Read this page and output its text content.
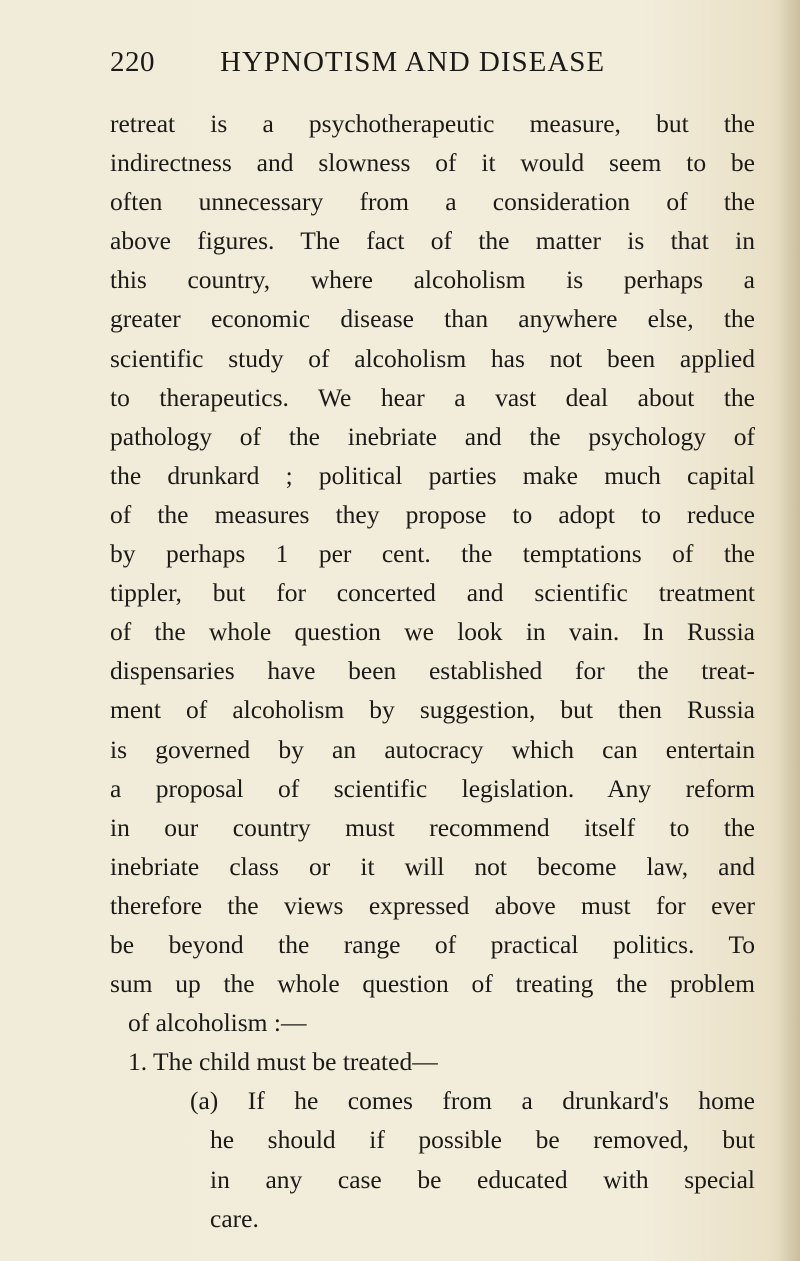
220 HYPNOTISM AND DISEASE
retreat is a psychotherapeutic measure, but the
indirectness and slowness of it would seem to be
often unnecessary from a consideration of the
above figures. The fact of the matter is that in
this country, where alcoholism is perhaps a
greater economic disease than anywhere else, the
scientific study of alcoholism has not been applied
to therapeutics. We hear a vast deal about the
pathology of the inebriate and the psychology of
the drunkard ; political parties make much capital
of the measures they propose to adopt to reduce
by perhaps 1 per cent. the temptations of the
tippler, but for concerted and scientific treatment
of the whole question we look in vain. In Russia
dispensaries have been established for the treat-
ment of alcoholism by suggestion, but then Russia
is governed by an autocracy which can entertain
a proposal of scientific legislation. Any reform
in our country must recommend itself to the
inebriate class or it will not become law, and
therefore the views expressed above must for ever
be beyond the range of practical politics. To
sum up the whole question of treating the problem
of alcoholism :—
1. The child must be treated—
(a) If he comes from a drunkard's home
he should if possible be removed, but
in any case be educated with special
care.
